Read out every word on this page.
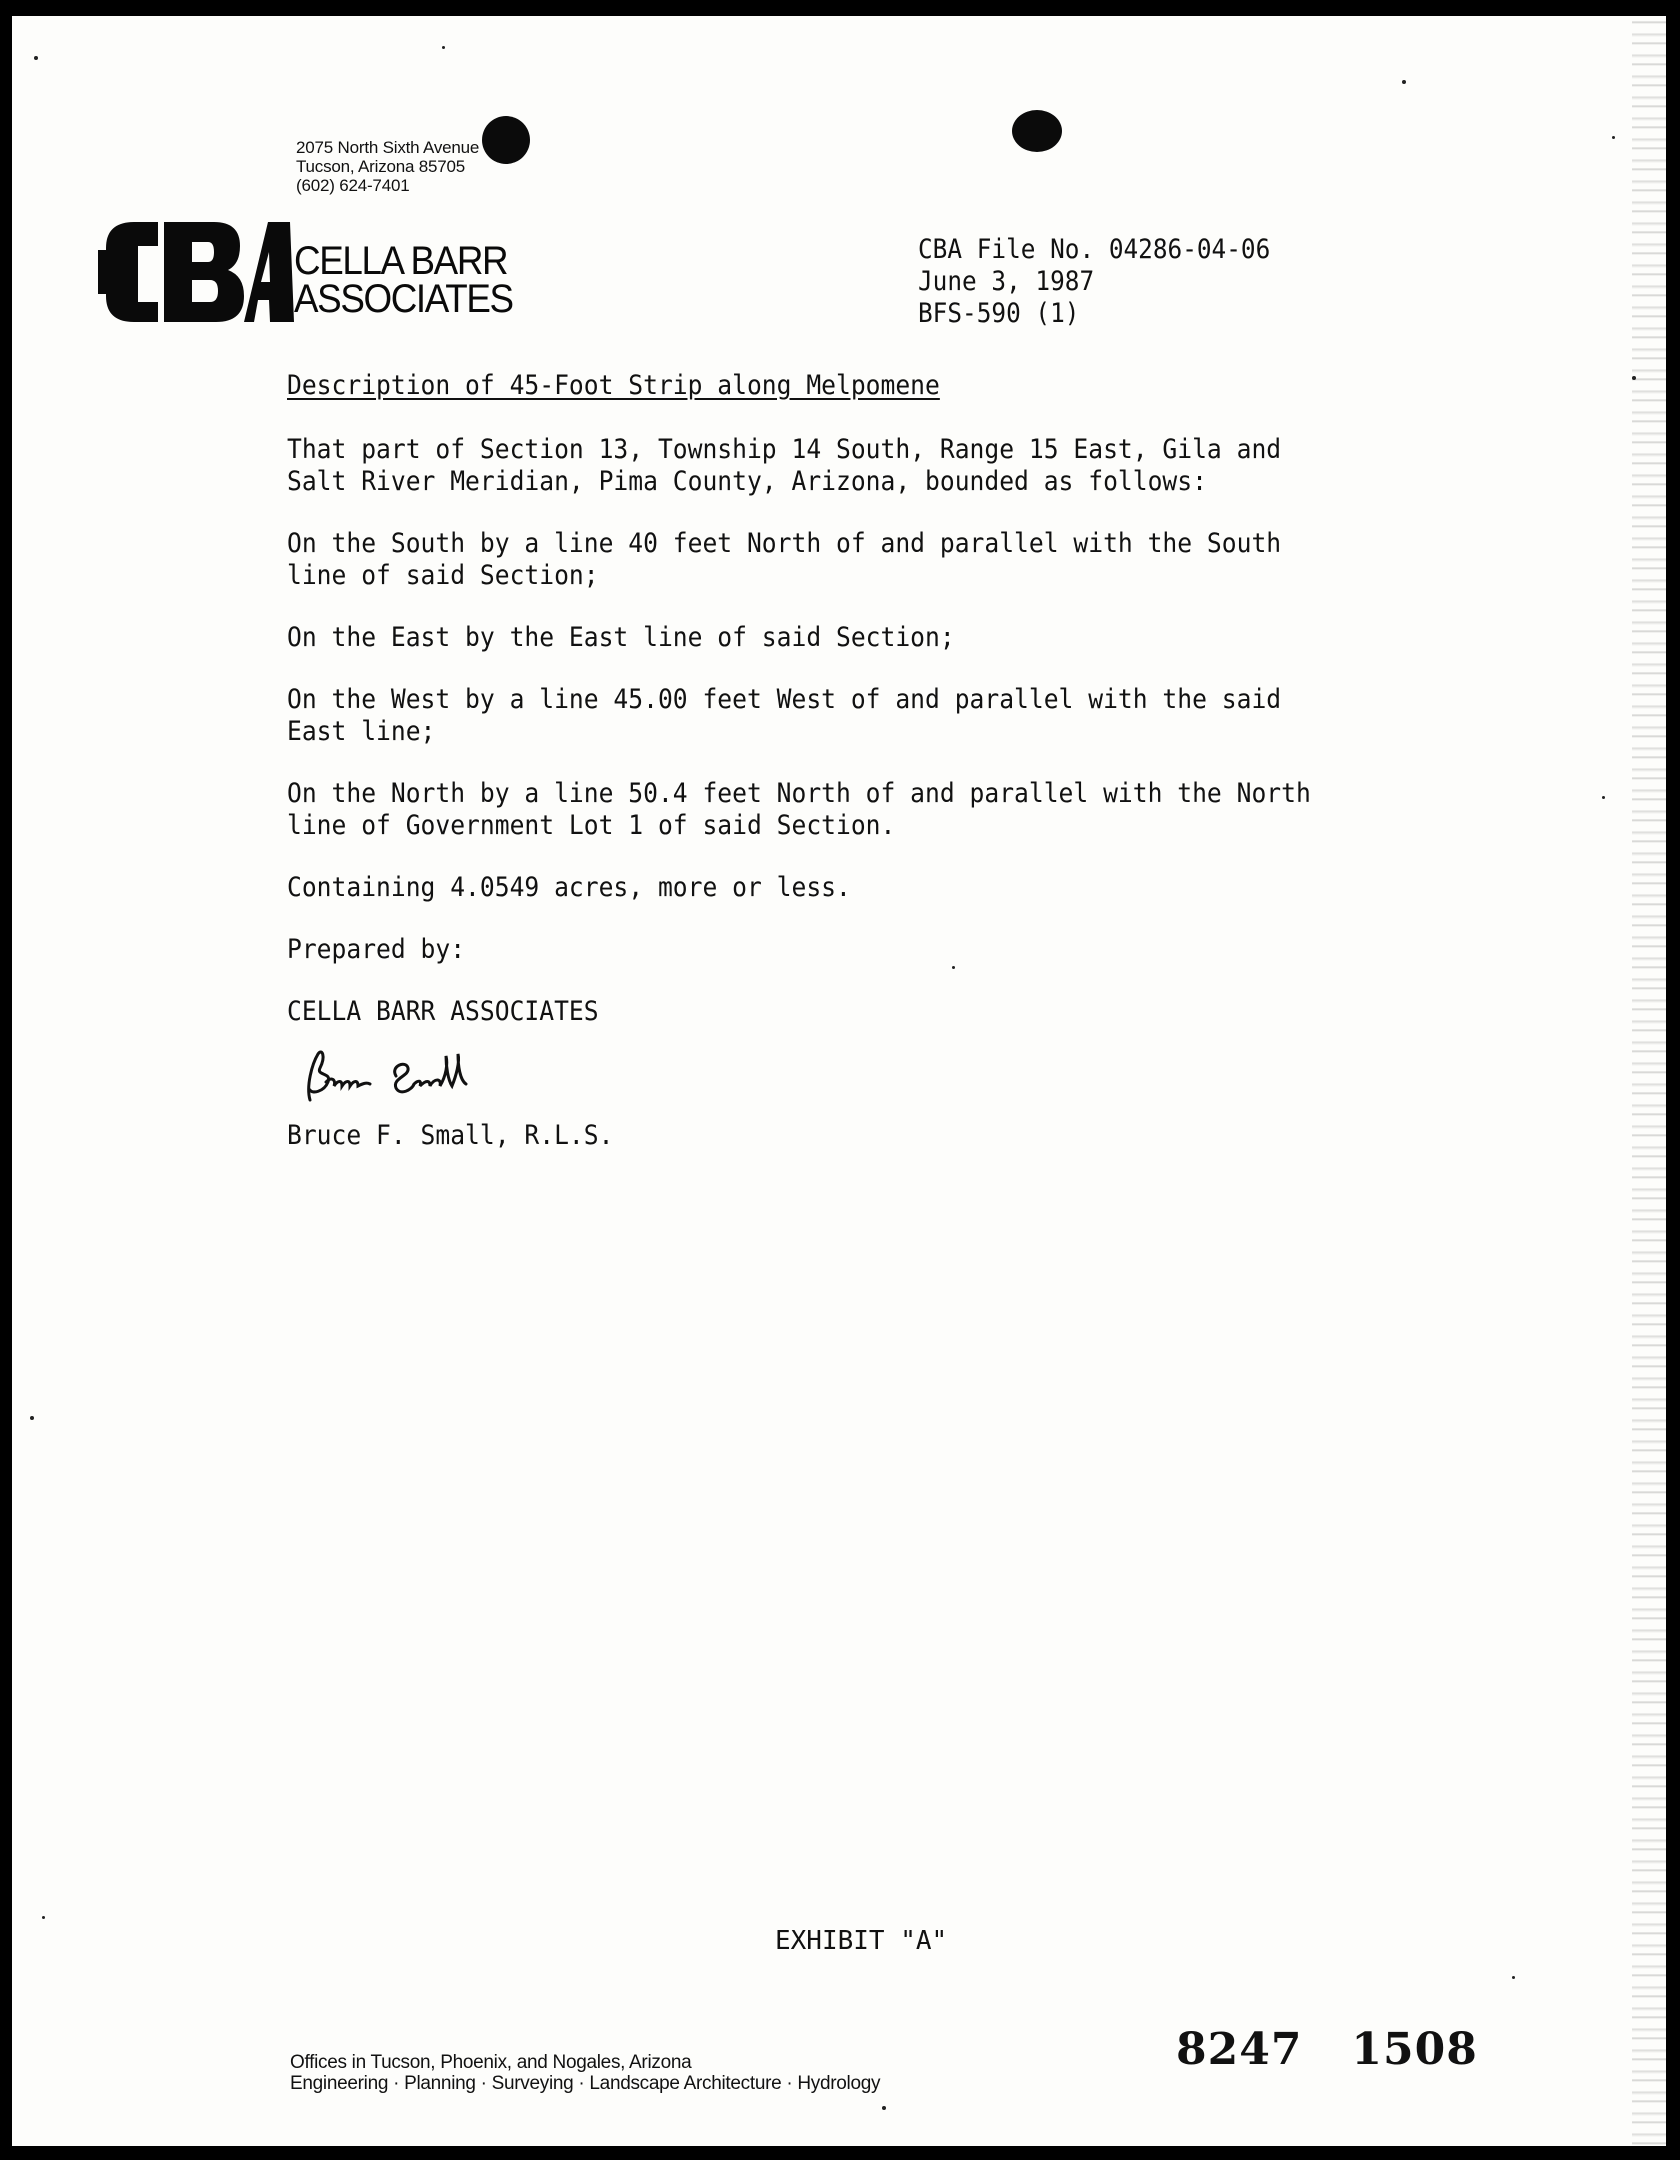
2075 North Sixth Avenue
Tucson, Arizona 85705
(602) 624-7401
CELLA BARR
ASSOCIATES
CBA File No. 04286-04-06
June 3, 1987
BFS-590 (1)
Description of 45-Foot Strip along Melpomene
That part of Section 13, Township 14 South, Range 15 East, Gila and
Salt River Meridian, Pima County, Arizona, bounded as follows:
On the South by a line 40 feet North of and parallel with the South
line of said Section;
On the East by the East line of said Section;
On the West by a line 45.00 feet West of and parallel with the said
East line;
On the North by a line 50.4 feet North of and parallel with the North
line of Government Lot 1 of said Section.
Containing 4.0549 acres, more or less.
Prepared by:
CELLA BARR ASSOCIATES
Bruce F. Small, R.L.S.
EXHIBIT "A"
Offices in Tucson, Phoenix, and Nogales, Arizona
Engineering · Planning · Surveying · Landscape Architecture · Hydrology
8247   1508
